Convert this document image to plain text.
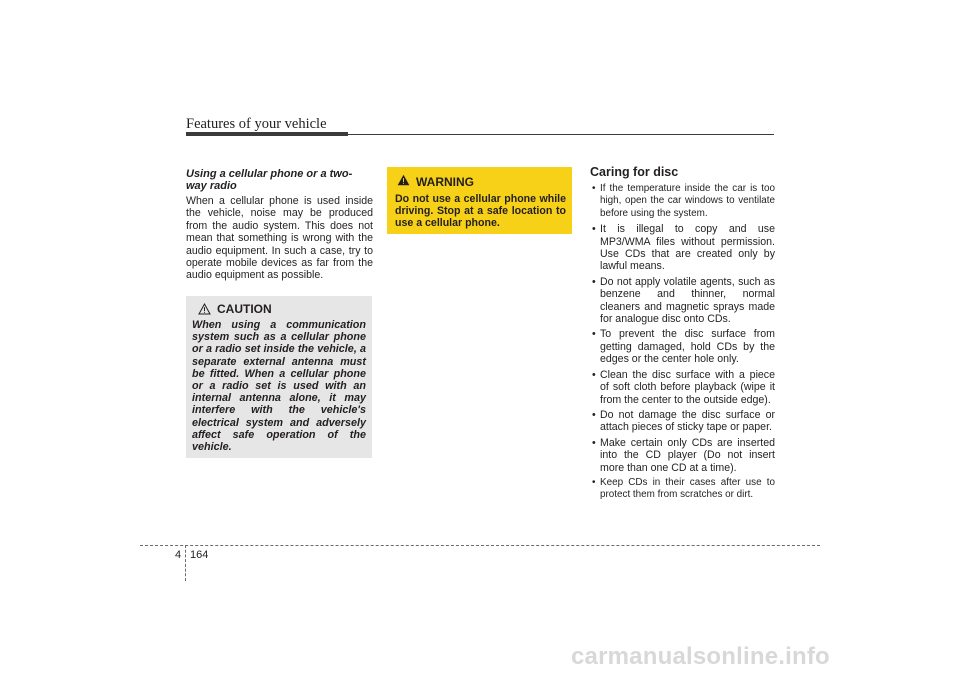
Features of your vehicle

Using a cellular phone or a two-way radio

When a cellular phone is used inside the vehicle, noise may be produced from the audio system. This does not mean that something is wrong with the audio equipment. In such a case, try to operate mobile devices as far from the audio equipment as possible.

CAUTION

When using a communication system such as a cellular phone or a radio set inside the vehicle, a separate external antenna must be fitted. When a cellular phone or a radio set is used with an internal antenna alone, it may interfere with the vehicle's electrical system and adversely affect safe operation of the vehicle.

WARNING

Do not use a cellular phone while driving. Stop at a safe location to use a cellular phone.

Caring for disc

• If the temperature inside the car is too high, open the car windows to ventilate before using the system.
• It is illegal to copy and use MP3/WMA files without permission. Use CDs that are created only by lawful means.
• Do not apply volatile agents, such as benzene and thinner, normal cleaners and magnetic sprays made for analogue disc onto CDs.
• To prevent the disc surface from getting damaged, hold CDs by the edges or the center hole only.
• Clean the disc surface with a piece of soft cloth before playback (wipe it from the center to the outside edge).
• Do not damage the disc surface or attach pieces of sticky tape or paper.
• Make certain only CDs are inserted into the CD player (Do not insert more than one CD at a time).
• Keep CDs in their cases after use to protect them from scratches or dirt.
4 164
carmanualsonline.info
